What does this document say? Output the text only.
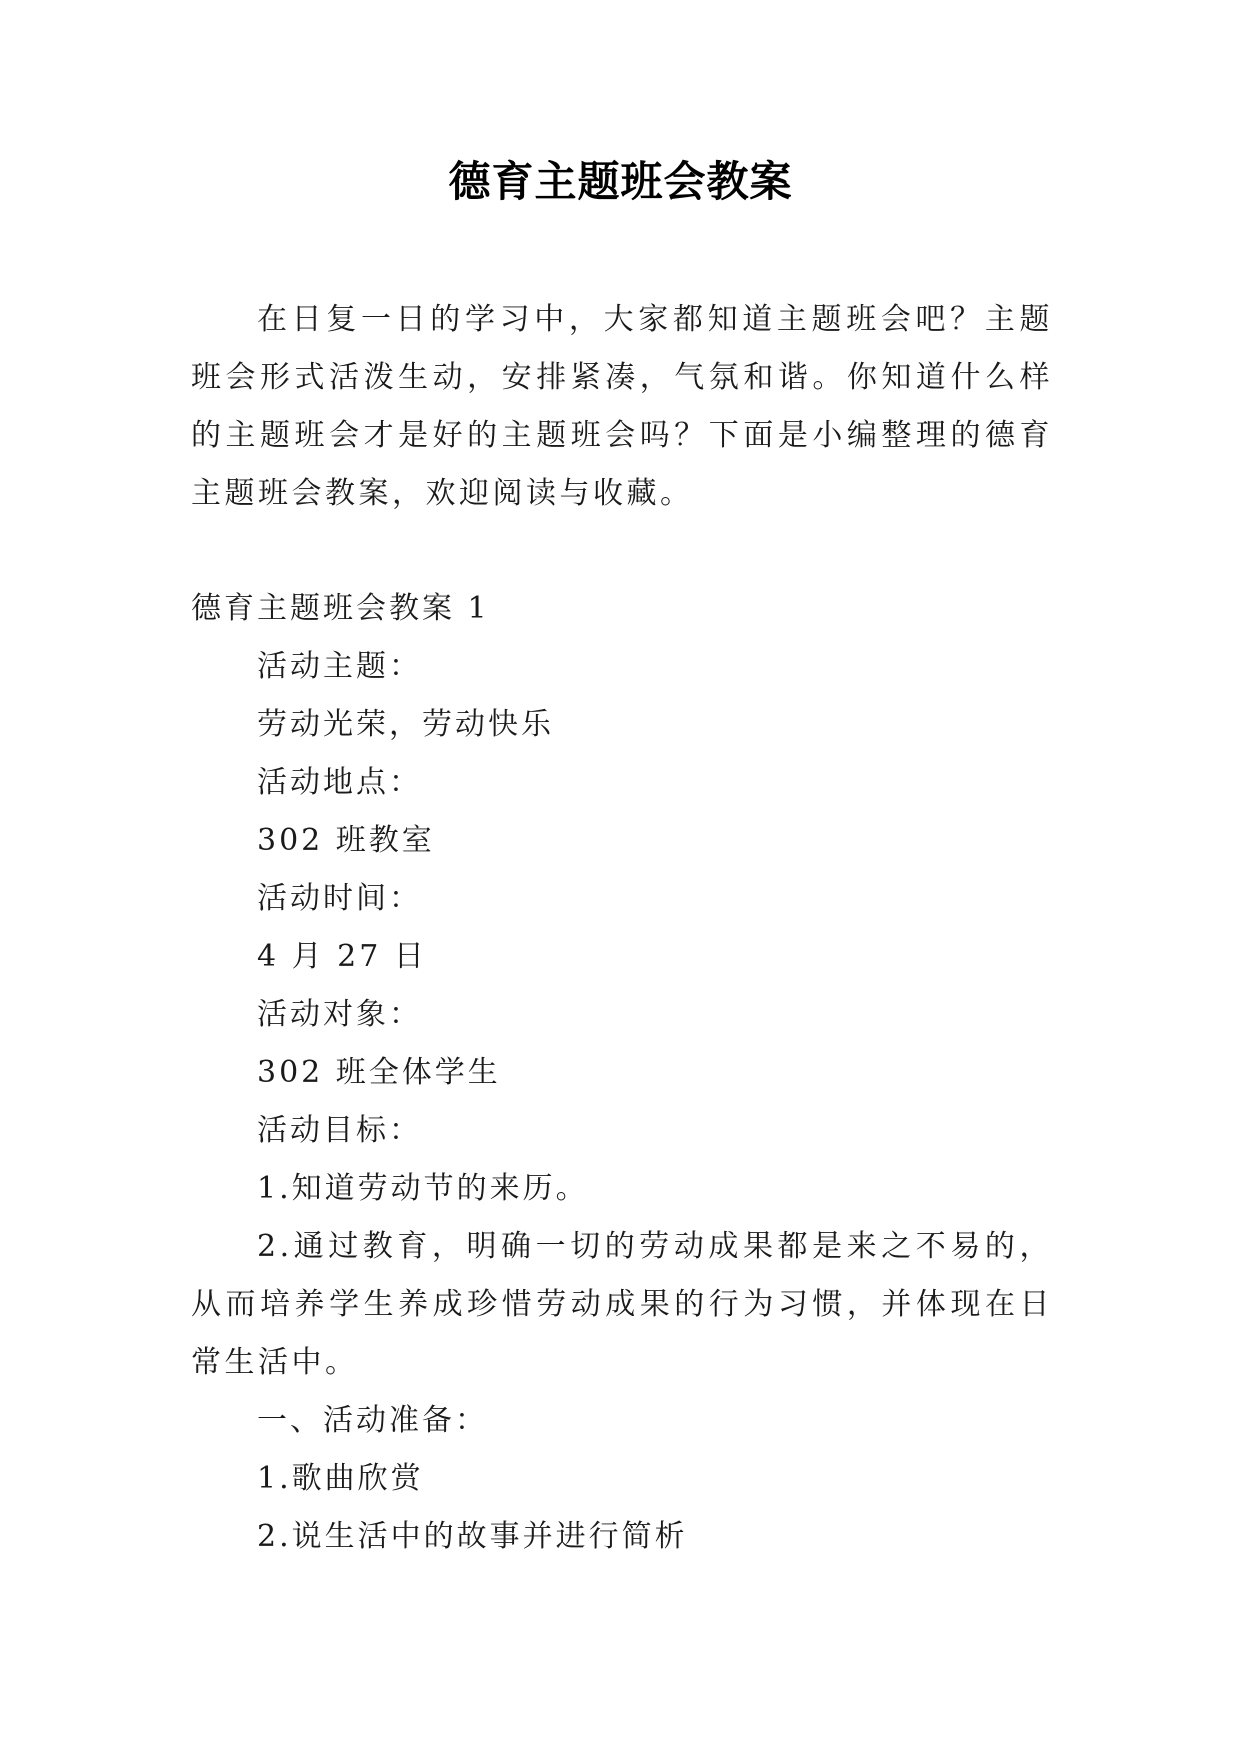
德育主题班会教案

在日复一日的学习中，大家都知道主题班会吧？主题班会形式活泼生动，安排紧凑，气氛和谐。你知道什么样的主题班会才是好的主题班会吗？下面是小编整理的德育主题班会教案，欢迎阅读与收藏。

德育主题班会教案 1

活动主题：

劳动光荣，劳动快乐

活动地点：

302 班教室

活动时间：

4 月 27 日

活动对象：

302 班全体学生

活动目标：

1.知道劳动节的来历。

2.通过教育，明确一切的劳动成果都是来之不易的，从而培养学生养成珍惜劳动成果的行为习惯，并体现在日常生活中。

一、活动准备：

1.歌曲欣赏

2.说生活中的故事并进行简析
